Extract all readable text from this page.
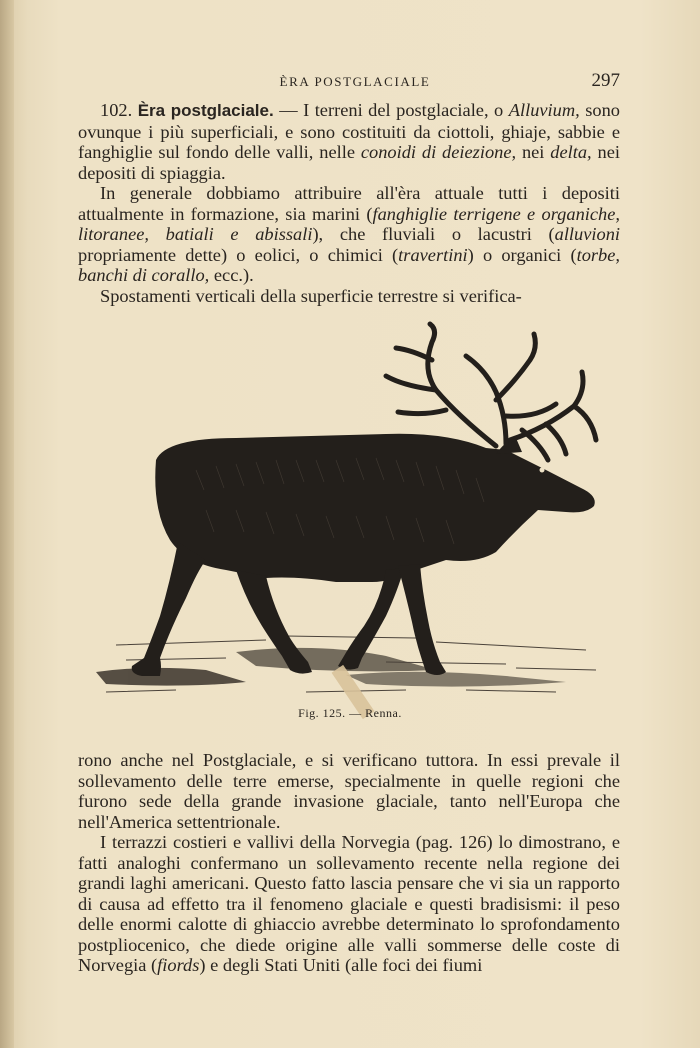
ÈRA POSTGLACIALE	297

102. Èra postglaciale. — I terreni del postglaciale, o Alluvium, sono ovunque i più superficiali, e sono costituiti da ciottoli, ghiaje, sabbie e fanghiglie sul fondo delle valli, nelle conoidi di deiezione, nei delta, nei depositi di spiaggia.

In generale dobbiamo attribuire all'èra attuale tutti i depositi attualmente in formazione, sia marini (fanghiglie terrigene e organiche, litoranee, batiali e abissali), che fluviali o lacustri (alluvioni propriamente dette) o eolici, o chimici (travertini) o organici (torbe, banchi di corallo, ecc.).

Spostamenti verticali della superficie terrestre si verifica-

Fig. 125. — Renna.

rono anche nel Postglaciale, e si verificano tuttora. In essi prevale il sollevamento delle terre emerse, specialmente in quelle regioni che furono sede della grande invasione glaciale, tanto nell'Europa che nell'America settentrionale.

I terrazzi costieri e vallivi della Norvegia (pag. 126) lo dimostrano, e fatti analoghi confermano un sollevamento recente nella regione dei grandi laghi americani. Questo fatto lascia pensare che vi sia un rapporto di causa ad effetto tra il fenomeno glaciale e questi bradisismi: il peso delle enormi calotte di ghiaccio avrebbe determinato lo sprofondamento postpliocenico, che diede origine alle valli sommerse delle coste di Norvegia (fiords) e degli Stati Uniti (alle foci dei fiumi
